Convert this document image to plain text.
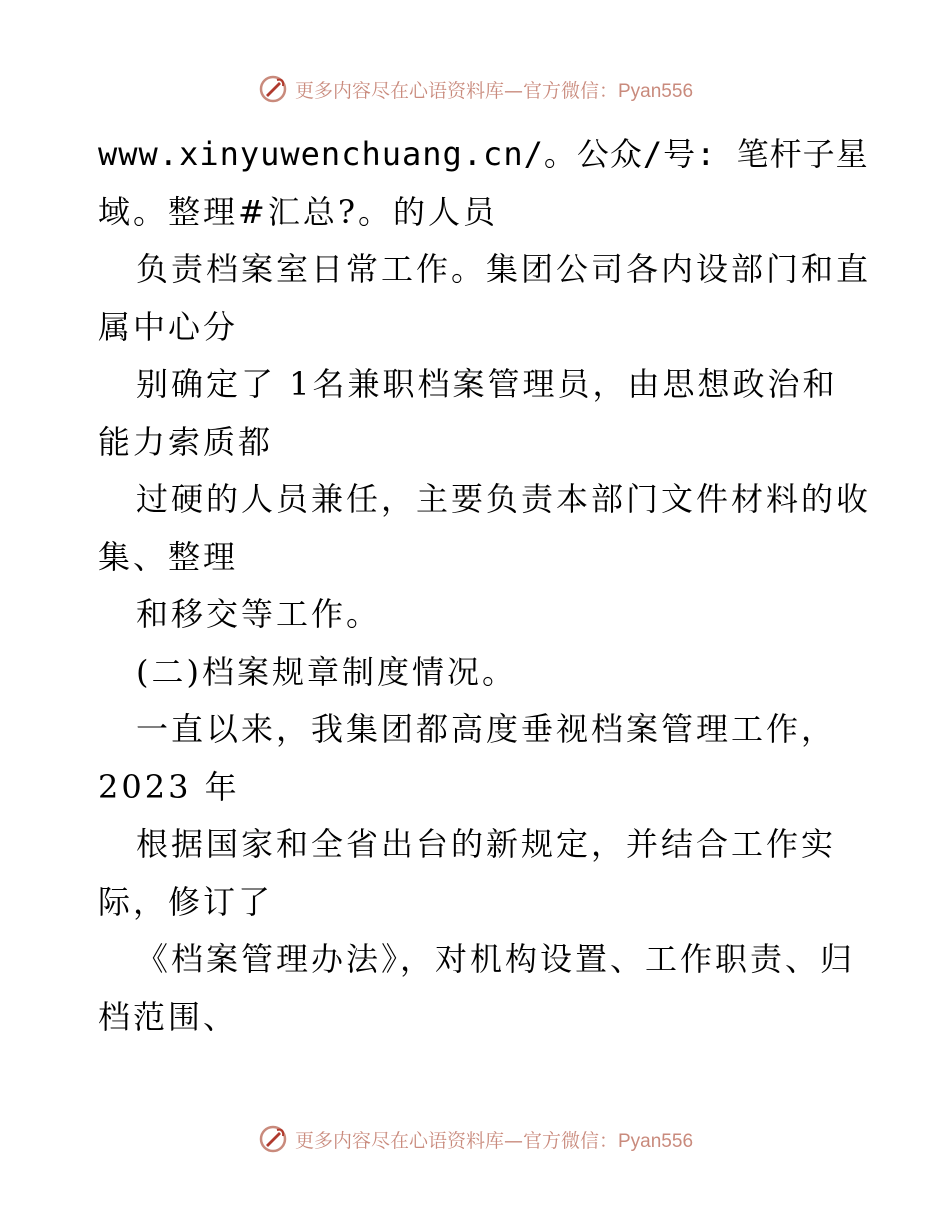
更多内容尽在心语资料库—官方微信：Pyan556
www.xinyuwenchuang.cn/。公众/号: 笔杆子星
域。整理#汇总?。的人员
负责档案室日常工作。集团公司各内设部门和直
属中心分
别确定了 1名兼职档案管理员，由思想政治和
能力索质都
过硬的人员兼任，主要负责本部门文件材料的收
集、整理
和移交等工作。
(二)档案规章制度情况。
一直以来，我集团都高度垂视档案管理工作，
2023 年
根据国家和全省出台的新规定，并结合工作实
际，修订了
《档案管理办法》，对机构设置、工作职责、归
档范围、
更多内容尽在心语资料库—官方微信：Pyan556
